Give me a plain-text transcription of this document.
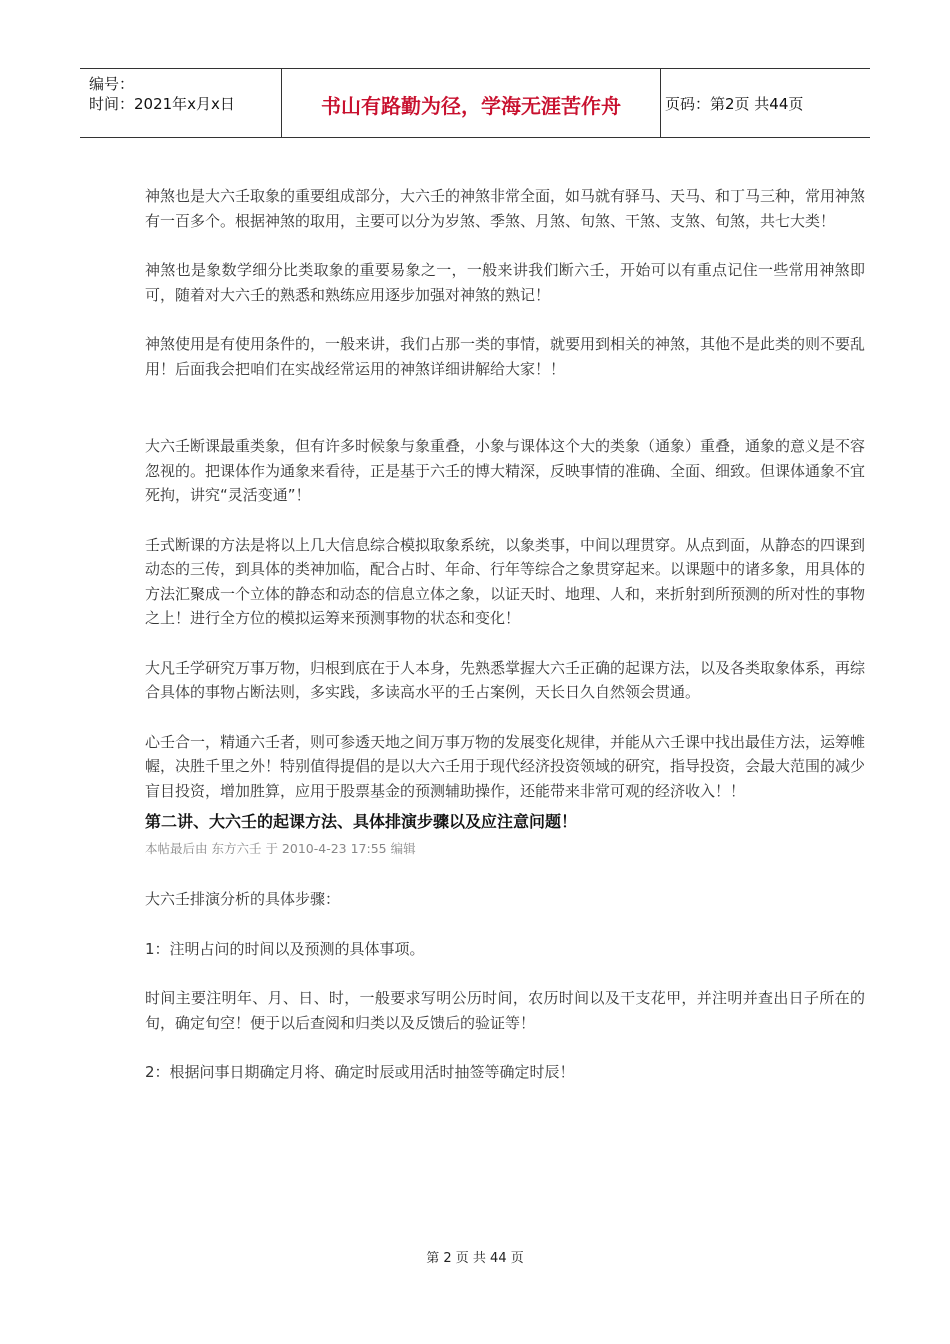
编号：
时间：2021年x月x日	书山有路勤为径，学海无涯苦作舟	页码：第2页 共44页

神煞也是大六壬取象的重要组成部分，大六壬的神煞非常全面，如马就有驿马、天马、和丁马三种，常用神煞有一百多个。根据神煞的取用，主要可以分为岁煞、季煞、月煞、旬煞、干煞、支煞、旬煞，共七大类！

神煞也是象数学细分比类取象的重要易象之一，一般来讲我们断六壬，开始可以有重点记住一些常用神煞即可，随着对大六壬的熟悉和熟练应用逐步加强对神煞的熟记！

神煞使用是有使用条件的，一般来讲，我们占那一类的事情，就要用到相关的神煞，其他不是此类的则不要乱用！后面我会把咱们在实战经常运用的神煞详细讲解给大家！！

大六壬断课最重类象，但有许多时候象与象重叠，小象与课体这个大的类象（通象）重叠，通象的意义是不容忽视的。把课体作为通象来看待，正是基于六壬的博大精深，反映事情的准确、全面、细致。但课体通象不宜死拘，讲究“灵活变通”！

壬式断课的方法是将以上几大信息综合模拟取象系统，以象类事，中间以理贯穿。从点到面，从静态的四课到动态的三传，到具体的类神加临，配合占时、年命、行年等综合之象贯穿起来。以课题中的诸多象，用具体的方法汇聚成一个立体的静态和动态的信息立体之象，以证天时、地理、人和，来折射到所预测的所对性的事物之上！进行全方位的模拟运筹来预测事物的状态和变化！

大凡壬学研究万事万物，归根到底在于人本身，先熟悉掌握大六壬正确的起课方法，以及各类取象体系，再综合具体的事物占断法则，多实践，多读高水平的壬占案例，天长日久自然领会贯通。

心壬合一，精通六壬者，则可参透天地之间万事万物的发展变化规律，并能从六壬课中找出最佳方法，运筹帷幄，决胜千里之外！特别值得提倡的是以大六壬用于现代经济投资领域的研究，指导投资，会最大范围的减少盲目投资，增加胜算，应用于股票基金的预测辅助操作，还能带来非常可观的经济收入！！

第二讲、大六壬的起课方法、具体排演步骤以及应注意问题！
本帖最后由 东方六壬 于 2010-4-23 17:55 编辑

大六壬排演分析的具体步骤：

1：注明占问的时间以及预测的具体事项。

时间主要注明年、月、日、时，一般要求写明公历时间，农历时间以及干支花甲，并注明并查出日子所在的旬，确定旬空！便于以后查阅和归类以及反馈后的验证等！

2：根据问事日期确定月将、确定时辰或用活时抽签等确定时辰！

第 2 页 共 44 页
